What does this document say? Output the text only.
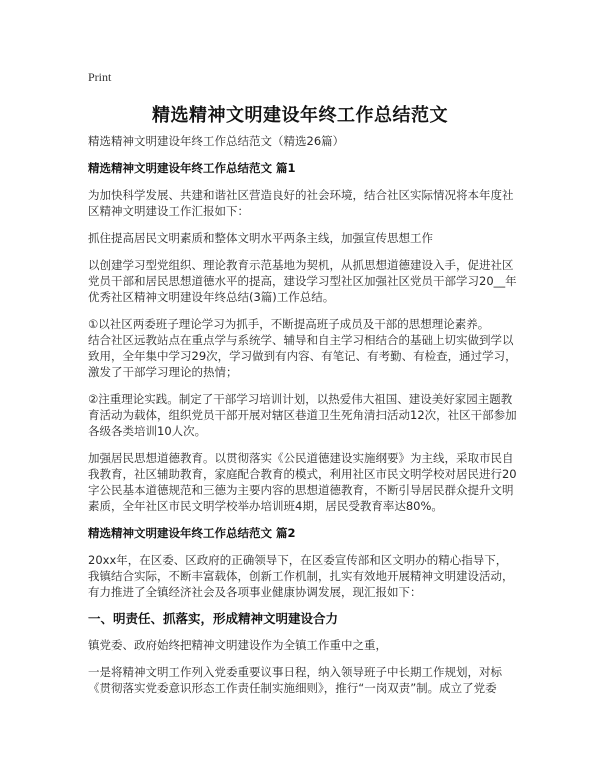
Print
精选精神文明建设年终工作总结范文

精选精神文明建设年终工作总结范文（精选26篇）

精选精神文明建设年终工作总结范文 篇1

为加快科学发展、共建和谐社区营造良好的社会环境，结合社区实际情况将本年度社区精神文明建设工作汇报如下：

抓住提高居民文明素质和整体文明水平两条主线，加强宣传思想工作

以创建学习型党组织、理论教育示范基地为契机，从抓思想道德建设入手，促进社区党员干部和居民思想道德水平的提高，建设学习型社区加强社区党员干部学习20__年优秀社区精神文明建设年终总结(3篇)工作总结。

①以社区两委班子理论学习为抓手，不断提高班子成员及干部的思想理论素养。

结合社区远教站点在重点学与系统学、辅导和自主学习相结合的基础上切实做到学以致用，全年集中学习29次，学习做到有内容、有笔记、有考勤、有检查，通过学习，激发了干部学习理论的热情；

②注重理论实践。制定了干部学习培训计划，以热爱伟大祖国、建设美好家园主题教育活动为载体，组织党员干部开展对辖区巷道卫生死角清扫活动12次，社区干部参加各级各类培训10人次。

加强居民思想道德教育。以贯彻落实《公民道德建设实施纲要》为主线，采取市民自我教育，社区辅助教育，家庭配合教育的模式，利用社区市民文明学校对居民进行20字公民基本道德规范和三德为主要内容的思想道德教育，不断引导居民群众提升文明素质，全年社区市民文明学校举办培训班4期，居民受教育率达80%。

精选精神文明建设年终工作总结范文 篇2

20xx年，在区委、区政府的正确领导下，在区委宣传部和区文明办的精心指导下，我镇结合实际，不断丰富载体，创新工作机制，扎实有效地开展精神文明建设活动，有力推进了全镇经济社会及各项事业健康协调发展，现汇报如下：

一、明责任、抓落实，形成精神文明建设合力

镇党委、政府始终把精神文明建设作为全镇工作重中之重，

一是将精神文明工作列入党委重要议事日程，纳入领导班子中长期工作规划，对标《贯彻落实党委意识形态工作责任制实施细则》，推行“一岗双责”制。成立了党委
